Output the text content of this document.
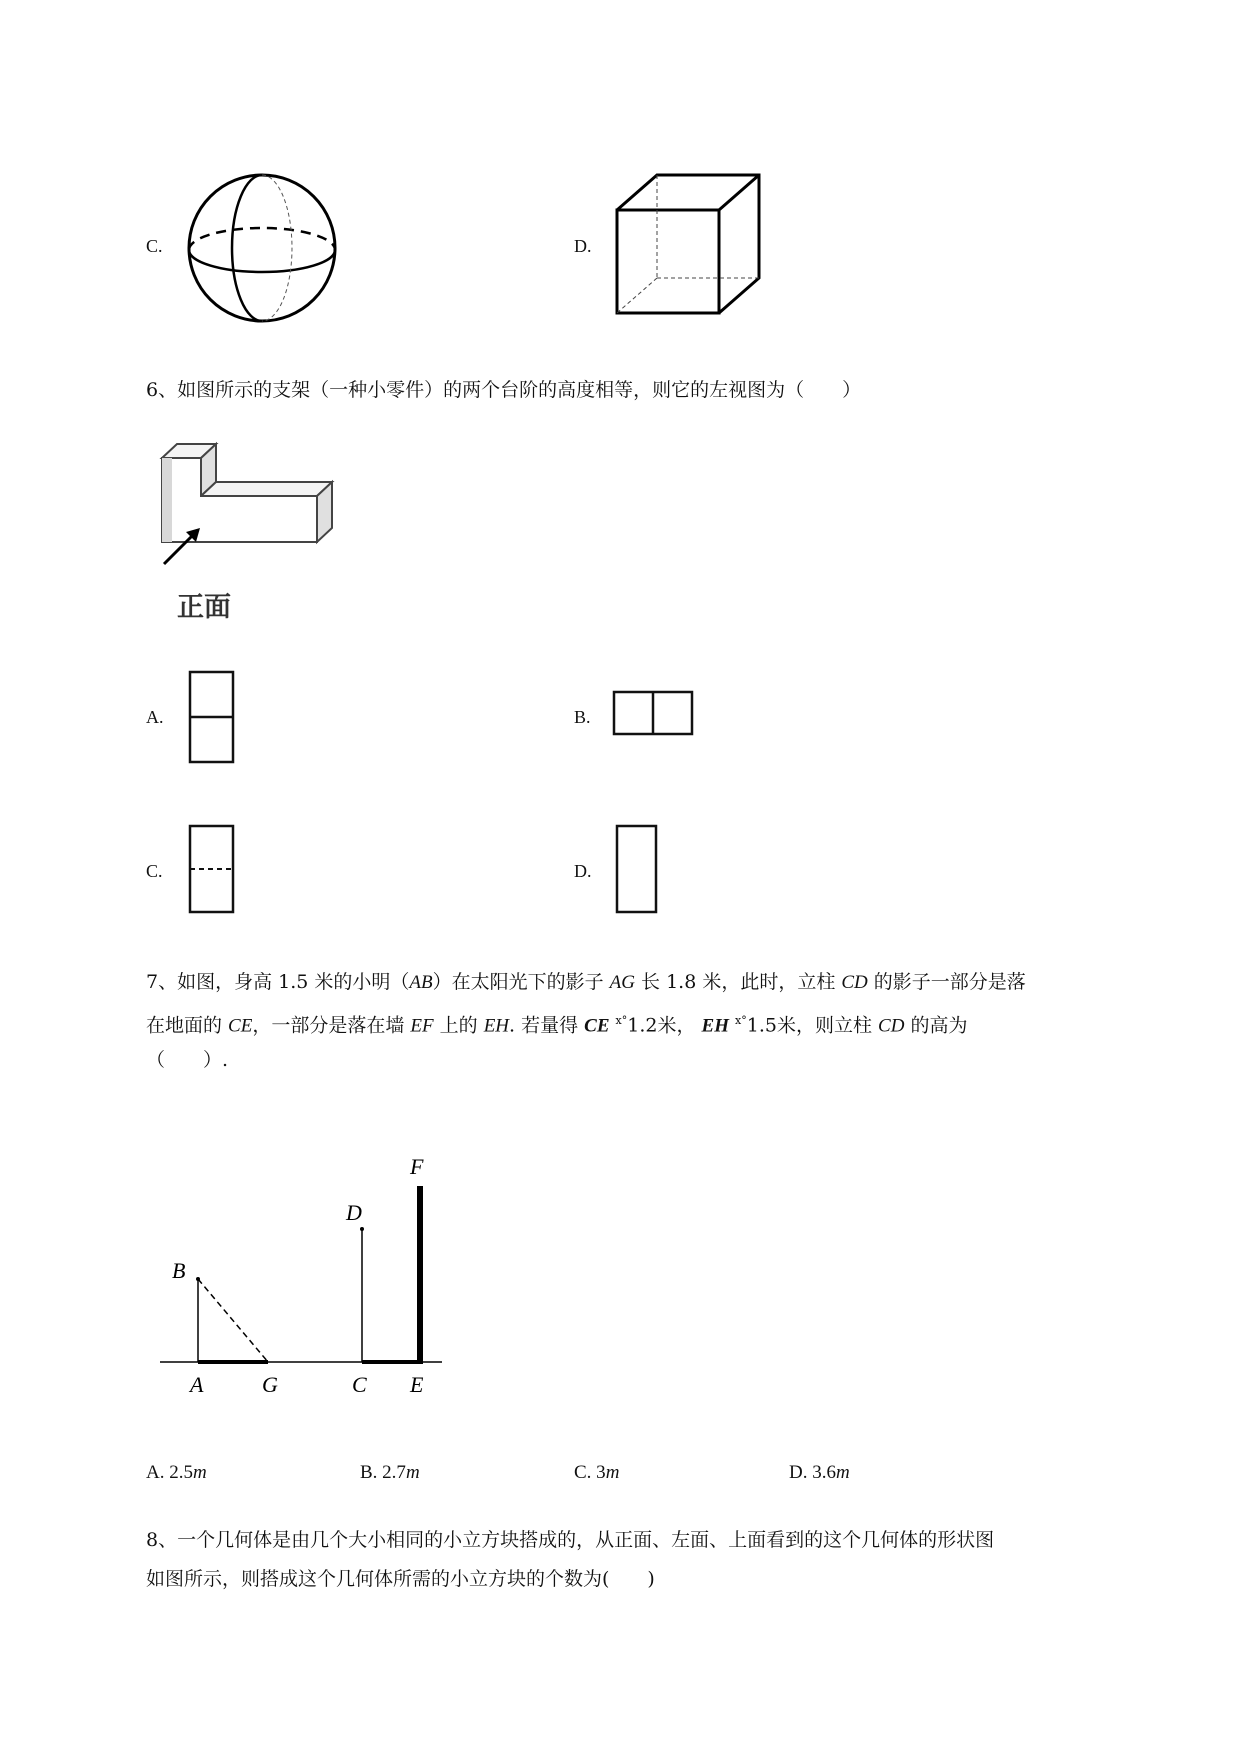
C.	D.
6、如图所示的支架（一种小零件）的两个台阶的高度相等，则它的左视图为（　　）
正面
A.	B.
C.	D.
7、如图，身高 1.5 米的小明（AB）在太阳光下的影子 AG 长 1.8 米，此时，立柱 CD 的影子一部分是落
在地面的 CE，一部分是落在墙 EF 上的 EH. 若量得 CE $^{x^\circ}$1.2米， EH $^{x^\circ}$1.5米，则立柱 CD 的高为
（　　）.
F
D
B
A	G	C E
A. 2.5m	B. 2.7m	C. 3m	D. 3.6m
8、一个几何体是由几个大小相同的小立方块搭成的，从正面、左面、上面看到的这个几何体的形状图
如图所示，则搭成这个几何体所需的小立方块的个数为(　　)
